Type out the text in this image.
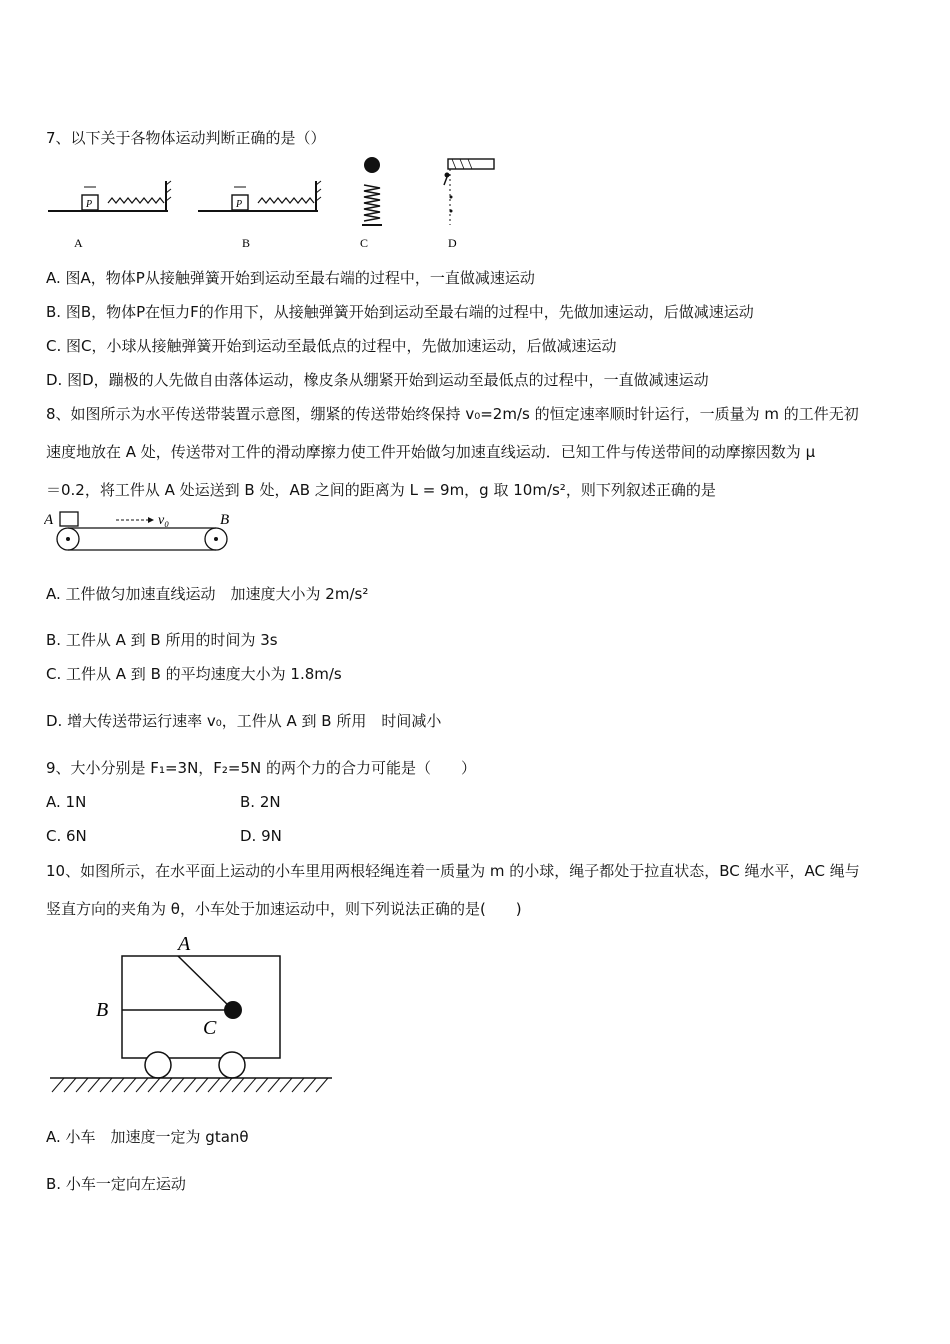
7、以下关于各物体运动判断正确的是（）
P
A
P
B	C	D
A. 图A，物体P从接触弹簧开始到运动至最右端的过程中，一直做减速运动
B. 图B，物体P在恒力F的作用下，从接触弹簧开始到运动至最右端的过程中，先做加速运动，后做减速运动
C. 图C，小球从接触弹簧开始到运动至最低点的过程中，先做加速运动，后做减速运动
D. 图D，蹦极的人先做自由落体运动，橡皮条从绷紧开始到运动至最低点的过程中，一直做减速运动
8、如图所示为水平传送带装置示意图，绷紧的传送带始终保持 v₀=2m/s 的恒定速率顺时针运行，一质量为 m 的工件无初
速度地放在 A 处，传送带对工件的滑动摩擦力使工件开始做匀加速直线运动．已知工件与传送带间的动摩擦因数为 μ
＝0.2，将工件从 A 处运送到 B 处，AB 之间的距离为 L = 9m，g 取 10m/s²，则下列叙述正确的是
A	B
v₀
A. 工件做匀加速直线运动　加速度大小为 2m/s²
B. 工件从 A 到 B 所用的时间为 3s
C. 工件从 A 到 B 的平均速度大小为 1.8m/s
D. 增大传送带运行速率 v₀，工件从 A 到 B 所用　时间减小
9、大小分别是 F₁=3N，F₂=5N 的两个力的合力可能是（　　）
A. 1N	B. 2N
C. 6N	D. 9N
10、如图所示，在水平面上运动的小车里用两根轻绳连着一质量为 m 的小球，绳子都处于拉直状态，BC 绳水平，AC 绳与
竖直方向的夹角为 θ，小车处于加速运动中，则下列说法正确的是(　　)
A
B
C
A. 小车　加速度一定为 gtanθ
B. 小车一定向左运动
